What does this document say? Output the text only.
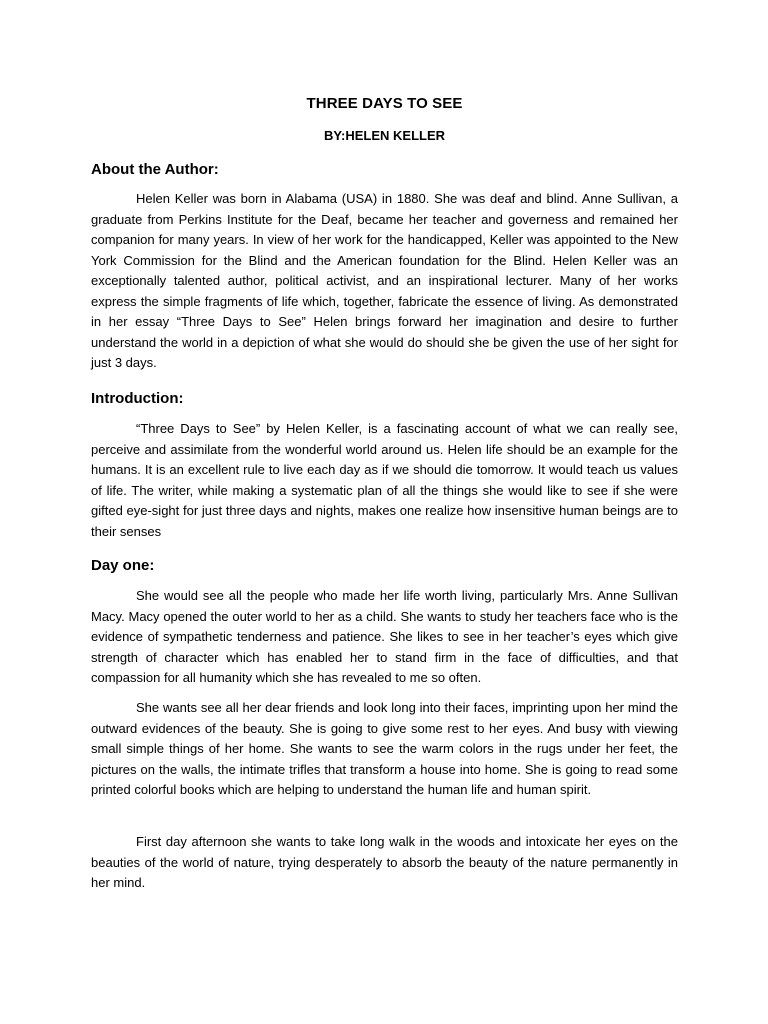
THREE DAYS TO SEE
BY:HELEN KELLER
About the Author:

Helen Keller was born in Alabama (USA) in 1880. She was deaf and blind. Anne Sullivan, a graduate from Perkins Institute for the Deaf, became her teacher and governess and remained her companion for many years. In view of her work for the handicapped, Keller was appointed to the New York Commission for the Blind and the American foundation for the Blind. Helen Keller was an exceptionally talented author, political activist, and an inspirational lecturer. Many of her works express the simple fragments of life which, together, fabricate the essence of living. As demonstrated in her essay “Three Days to See” Helen brings forward her imagination and desire to further understand the world in a depiction of what she would do should she be given the use of her sight for just 3 days.

Introduction:

“Three Days to See” by Helen Keller, is a fascinating account of what we can really see, perceive and assimilate from the wonderful world around us. Helen life should be an example for the humans. It is an excellent rule to live each day as if we should die tomorrow. It would teach us values of life. The writer, while making a systematic plan of all the things she would like to see if she were gifted eye-sight for just three days and nights, makes one realize how insensitive human beings are to their senses

Day one:

She would see all the people who made her life worth living, particularly Mrs. Anne Sullivan Macy. Macy opened the outer world to her as a child. She wants to study her teachers face who is the evidence of sympathetic tenderness and patience. She likes to see in her teacher’s eyes which give strength of character which has enabled her to stand firm in the face of difficulties, and that compassion for all humanity which she has revealed to me so often.

She wants see all her dear friends and look long into their faces, imprinting upon her mind the outward evidences of the beauty. She is going to give some rest to her eyes. And busy with viewing small simple things of her home. She wants to see the warm colors in the rugs under her feet, the pictures on the walls, the intimate trifles that transform a house into home. She is going to read some printed colorful books which are helping to understand the human life and human spirit.

First day afternoon she wants to take long walk in the woods and intoxicate her eyes on the beauties of the world of nature, trying desperately to absorb the beauty of the nature permanently in her mind.
